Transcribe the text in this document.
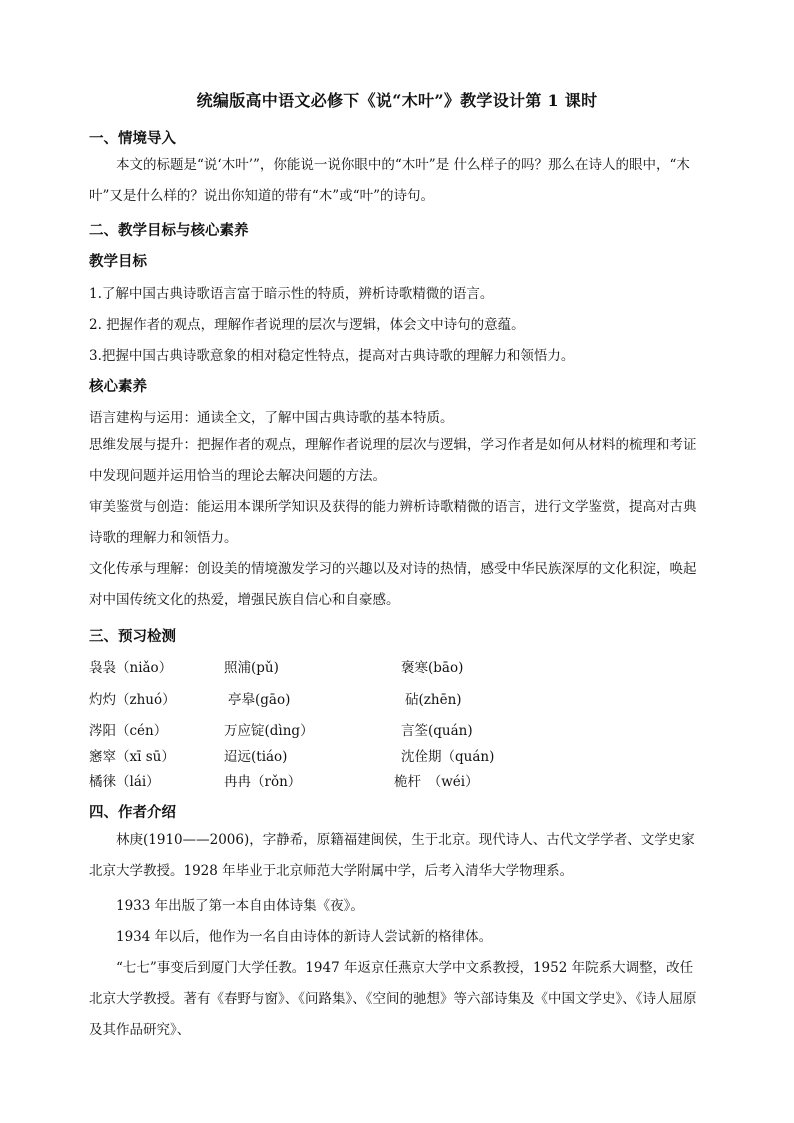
统编版高中语文必修下《说“木叶”》教学设计第 1 课时
一、情境导入
本文的标题是“说‘木叶’”，你能说一说你眼中的“木叶”是 什么样子的吗？那么在诗人的眼中，“木叶”又是什么样的？说出你知道的带有“木”或“叶”的诗句。
二、教学目标与核心素养
教学目标
1.了解中国古典诗歌语言富于暗示性的特质，辨析诗歌精微的语言。
2. 把握作者的观点，理解作者说理的层次与逻辑，体会文中诗句的意蕴。
3.把握中国古典诗歌意象的相对稳定性特点，提高对古典诗歌的理解力和领悟力。
核心素养
语言建构与运用：通读全文，了解中国古典诗歌的基本特质。
思维发展与提升：把握作者的观点，理解作者说理的层次与逻辑，学习作者是如何从材料的梳理和考证中发现问题并运用恰当的理论去解决问题的方法。
审美鉴赏与创造：能运用本课所学知识及获得的能力辨析诗歌精微的语言，进行文学鉴赏，提高对古典诗歌的理解力和领悟力。
文化传承与理解：创设美的情境激发学习的兴趣以及对诗的热情，感受中华民族深厚的文化积淀，唤起对中国传统文化的热爱，增强民族自信心和自豪感。
三、预习检测
袅袅（niǎo）	照浦(pǔ)	褒寒(bāo)
灼灼（zhuó）	亭皋(gāo)	砧(zhēn)
涔阳（cén）	万应锭(dìng）	言筌(quán)
窸窣（xī sū）	迢远(tiáo)	沈佺期（quán)
橘徕（lái）	冉冉（rǒn）	桅杆　（wéi）
四、作者介绍
林庚(1910——2006)，字静希，原籍福建闽侯，生于北京。现代诗人、古代文学学者、文学史家北京大学教授。1928 年毕业于北京师范大学附属中学，后考入清华大学物理系。
1933 年出版了第一本自由体诗集《夜》。
1934 年以后，他作为一名自由诗体的新诗人尝试新的格律体。
“七七”事变后到厦门大学任教。1947 年返京任燕京大学中文系教授，1952 年院系大调整，改任北京大学教授。著有《春野与窗》、《问路集》、《空间的驰想》等六部诗集及《中国文学史》、《诗人屈原及其作品研究》、
